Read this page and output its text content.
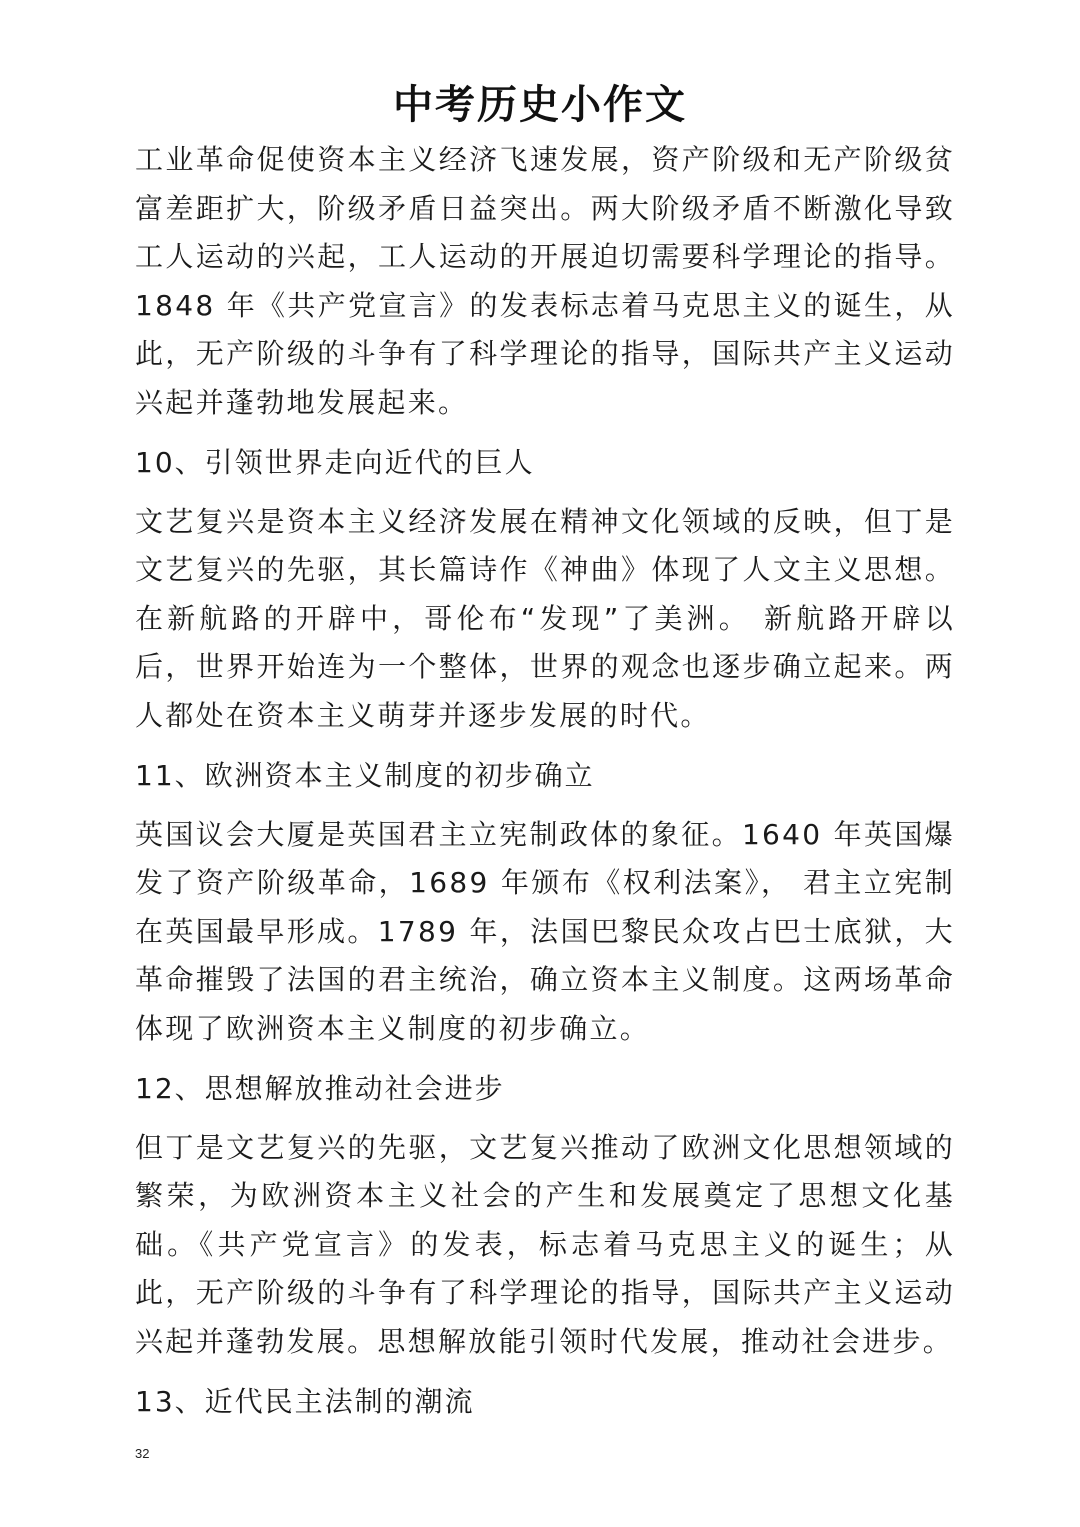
中考历史小作文

工业革命促使资本主义经济飞速发展，资产阶级和无产阶级贫富差距扩大，阶级矛盾日益突出。两大阶级矛盾不断激化导致工人运动的兴起，工人运动的开展迫切需要科学理论的指导。1848 年《共产党宣言》的发表标志着马克思主义的诞生，从此，无产阶级的斗争有了科学理论的指导，国际共产主义运动兴起并蓬勃地发展起来。

10、引领世界走向近代的巨人

文艺复兴是资本主义经济发展在精神文化领域的反映，但丁是文艺复兴的先驱，其长篇诗作《神曲》体现了人文主义思想。在新航路的开辟中，哥伦布“发现”了美洲。 新航路开辟以后，世界开始连为一个整体，世界的观念也逐步确立起来。两人都处在资本主义萌芽并逐步发展的时代。

11、欧洲资本主义制度的初步确立

英国议会大厦是英国君主立宪制政体的象征。1640 年英国爆发了资产阶级革命，1689 年颁布《权利法案》， 君主立宪制在英国最早形成。1789 年，法国巴黎民众攻占巴士底狱，大革命摧毁了法国的君主统治，确立资本主义制度。这两场革命体现了欧洲资本主义制度的初步确立。

12、思想解放推动社会进步

但丁是文艺复兴的先驱，文艺复兴推动了欧洲文化思想领域的繁荣，为欧洲资本主义社会的产生和发展奠定了思想文化基础。《共产党宣言》的发表，标志着马克思主义的诞生；从此，无产阶级的斗争有了科学理论的指导，国际共产主义运动兴起并蓬勃发展。思想解放能引领时代发展，推动社会进步。

13、近代民主法制的潮流
32
